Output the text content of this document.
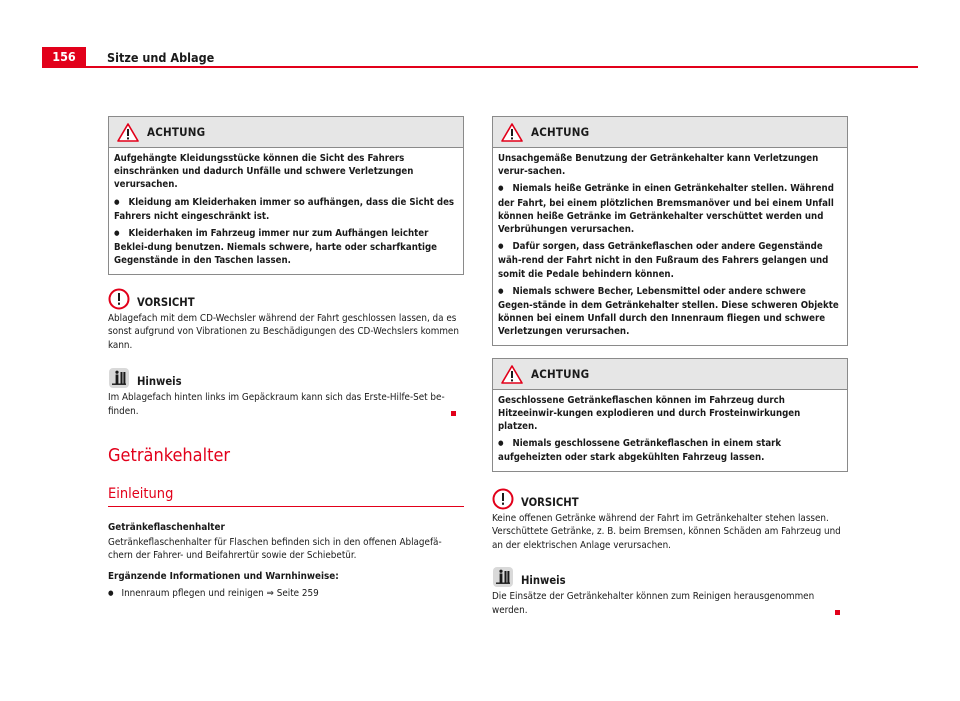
156	Sitze und Ablage
ACHTUNG

Aufgehängte Kleidungsstücke können die Sicht des Fahrers einschränken und dadurch Unfälle und schwere Verletzungen verursachen.

● Kleidung am Kleiderhaken immer so aufhängen, dass die Sicht des Fahrers nicht eingeschränkt ist.

● Kleiderhaken im Fahrzeug immer nur zum Aufhängen leichter Beklei-dung benutzen. Niemals schwere, harte oder scharfkantige Gegenstände in den Taschen lassen.

VORSICHT

Ablagefach mit dem CD-Wechsler während der Fahrt geschlossen lassen, da es sonst aufgrund von Vibrationen zu Beschädigungen des CD-Wechslers kommen kann.

Hinweis

Im Ablagefach hinten links im Gepäckraum kann sich das Erste-Hilfe-Set be-finden.

Getränkehalter
Einleitung

Getränkeflaschenhalter

Getränkeflaschenhalter für Flaschen befinden sich in den offenen Ablagefä-chern der Fahrer- und Beifahrertür sowie der Schiebetür.

Ergänzende Informationen und Warnhinweise:

● Innenraum pflegen und reinigen ⇒ Seite 259

ACHTUNG

Unsachgemäße Benutzung der Getränkehalter kann Verletzungen verur-sachen.

● Niemals heiße Getränke in einen Getränkehalter stellen. Während der Fahrt, bei einem plötzlichen Bremsmanöver und bei einem Unfall können heiße Getränke im Getränkehalter verschüttet werden und Verbrühungen verursachen.

● Dafür sorgen, dass Getränkeflaschen oder andere Gegenstände wäh-rend der Fahrt nicht in den Fußraum des Fahrers gelangen und somit die Pedale behindern können.

● Niemals schwere Becher, Lebensmittel oder andere schwere Gegen-stände in dem Getränkehalter stellen. Diese schweren Objekte können bei einem Unfall durch den Innenraum fliegen und schwere Verletzungen verursachen.

ACHTUNG

Geschlossene Getränkeflaschen können im Fahrzeug durch Hitzeeinwir-kungen explodieren und durch Frosteinwirkungen platzen.

● Niemals geschlossene Getränkeflaschen in einem stark aufgeheizten oder stark abgekühlten Fahrzeug lassen.

VORSICHT

Keine offenen Getränke während der Fahrt im Getränkehalter stehen lassen. Verschüttete Getränke, z. B. beim Bremsen, können Schäden am Fahrzeug und an der elektrischen Anlage verursachen.

Hinweis

Die Einsätze der Getränkehalter können zum Reinigen herausgenommen werden.
